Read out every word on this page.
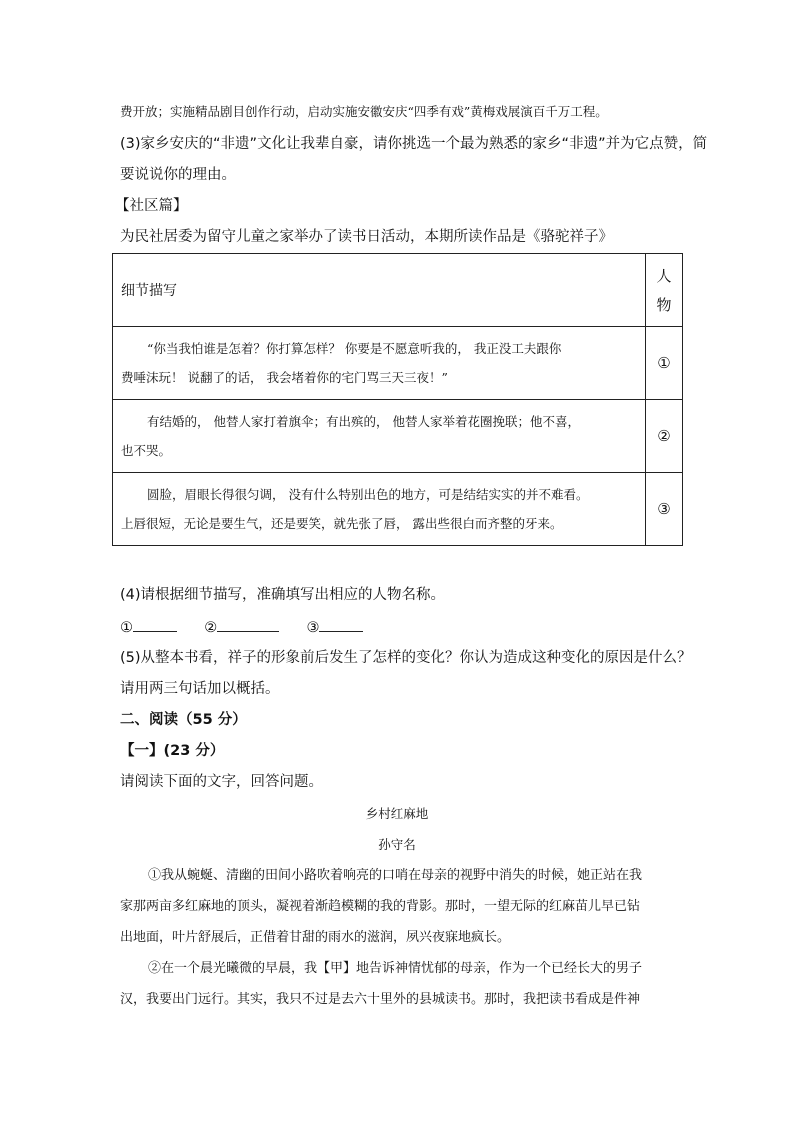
费开放；实施精品剧目创作行动，启动实施安徽安庆“四季有戏”黄梅戏展演百千万工程。
(3)家乡安庆的“非遗”文化让我辈自豪，请你挑选一个最为熟悉的家乡“非遗”并为它点赞，简
要说说你的理由。
【社区篇】
为民社居委为留守儿童之家举办了读书日活动，本期所读作品是《骆驼祥子》
细节描写	人
物

“你当我怕谁是怎着？你打算怎样？ 你要是不愿意听我的， 我正没工夫跟你
费唾沫玩！ 说翻了的话， 我会堵着你的宅门骂三天三夜！”	①

有结婚的， 他替人家打着旗伞；有出殡的， 他替人家举着花圈挽联；他不喜，
也不哭。	②

圆脸，眉眼长得很匀调， 没有什么特别出色的地方，可是结结实实的并不难看。
上唇很短，无论是要生气，还是要笑，就先张了唇， 露出些很白而齐整的牙来。	③
(4)请根据细节描写，准确填写出相应的人物名称。
①	②	③
(5)从整本书看，祥子的形象前后发生了怎样的变化？你认为造成这种变化的原因是什么？
请用两三句话加以概括。
二、阅读（55 分）
【一】(23 分）
请阅读下面的文字，回答问题。
乡村红麻地
孙守名
①我从蜿蜒、清幽的田间小路吹着响亮的口哨在母亲的视野中消失的时候，她正站在我
家那两亩多红麻地的顶头，凝视着渐趋模糊的我的背影。那时，一望无际的红麻苗儿早已钻
出地面，叶片舒展后，正借着甘甜的雨水的滋润，夙兴夜寐地疯长。
②在一个晨光曦微的早晨，我【甲】地告诉神情忧郁的母亲，作为一个已经长大的男子
汉，我要出门远行。其实，我只不过是去六十里外的县城读书。那时，我把读书看成是件神
